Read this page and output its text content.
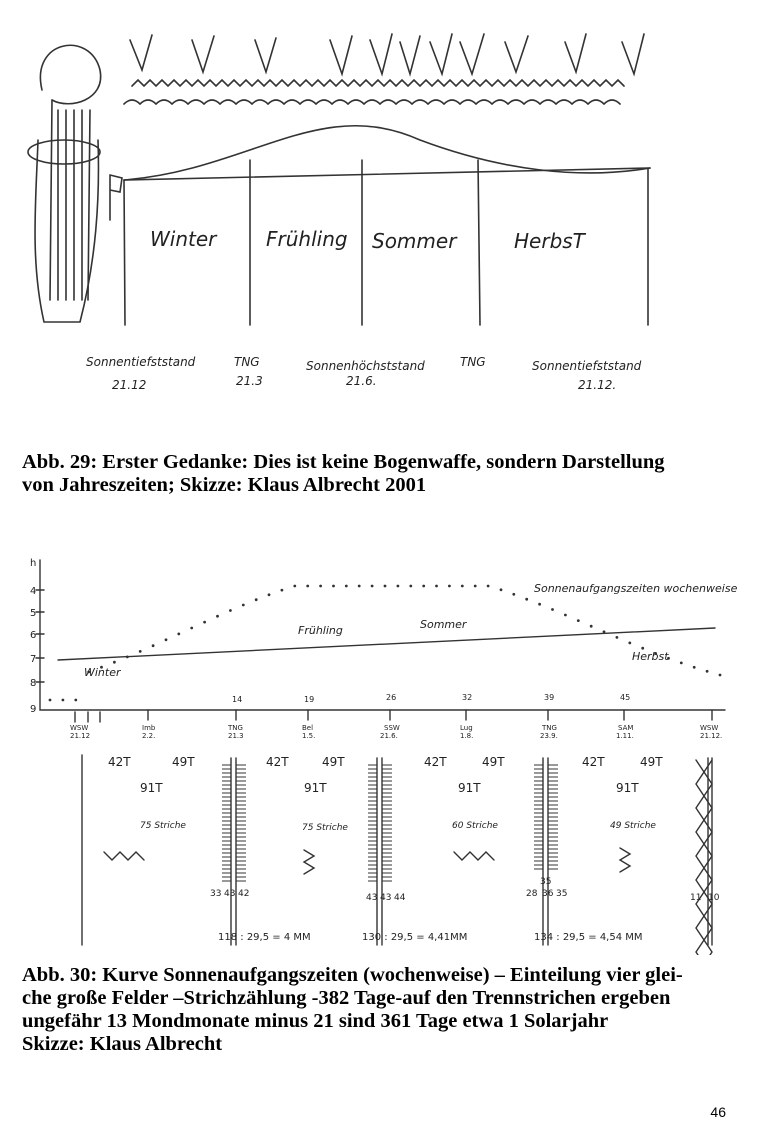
Winter Frühling Sommer	HerbsT
Sonnentiefststand
21.12
TNG
21.3
Sonnenhöchststand
21.6.
TNG	Sonnentiefststand
21.12.

Abb. 29: Erster Gedanke: Dies ist keine Bogenwaffe, sondern Darstellung
von Jahreszeiten; Skizze: Klaus Albrecht 2001

h
4
5
6
7
8
9
Sonnenaufgangszeiten wochenweise
Winter
Frühling	Sommer
Herbst
14	19	26	32	39	45
WSW
21.12
Imb
2.2.
TNG
21.3
Bel
1.5.
SSW
21.6.
Lug
1.8.
TNG
23.9.
SAM
1.11.
WSW
21.12.
42T	49T
91T
42T	49T
91T
42T	49T
91T
42T	49T
91T
75 Striche	75 Striche	60 Striche	49 Striche
33 43 42	43 43 44	28
35
36 35	11 10
118 : 29,5 = 4 MM	130 : 29,5 = 4,41MM	134 : 29,5 = 4,54 MM

Abb. 30: Kurve Sonnenaufgangszeiten (wochenweise) – Einteilung vier glei-
che große Felder –Strichzählung -382 Tage-auf den Trennstrichen ergeben
ungefähr 13 Mondmonate minus 21 sind 361 Tage etwa 1 Solarjahr
Skizze: Klaus Albrecht

46
